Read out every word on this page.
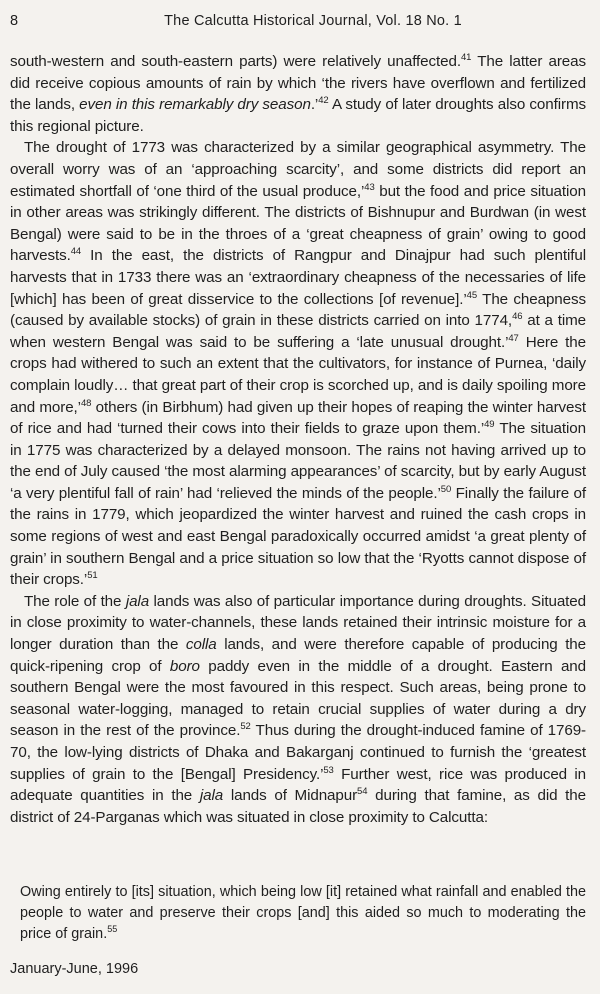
8	The Calcutta Historical Journal, Vol. 18 No. 1

south-western and south-eastern parts) were relatively unaffected.$^{41}$ The latter areas did receive copious amounts of rain by which ‘the rivers have overflown and fertilized the lands, even in this remarkably dry season.’$^{42}$ A study of later droughts also confirms this regional picture.

The drought of 1773 was characterized by a similar geographical asymmetry. The overall worry was of an ‘approaching scarcity’, and some districts did report an estimated shortfall of ‘one third of the usual produce,’$^{43}$ but the food and price situation in other areas was strikingly different. The districts of Bishnupur and Burdwan (in west Bengal) were said to be in the throes of a ‘great cheapness of grain’ owing to good harvests.$^{44}$ In the east, the districts of Rangpur and Dinajpur had such plentiful harvests that in 1733 there was an ‘extraordinary cheapness of the necessaries of life [which] has been of great disservice to the collections [of revenue].’$^{45}$ The cheapness (caused by available stocks) of grain in these districts carried on into 1774,46 at a time when western Bengal was said to be suffering a ‘late unusual drought.’$^{47}$ Here the crops had withered to such an extent that the cultivators, for instance of Purnea, ‘daily complain loudly… that great part of their crop is scorched up, and is daily spoiling more and more,’$^{48}$ others (in Birbhum) had given up their hopes of reaping the winter harvest of rice and had ‘turned their cows into their fields to graze upon them.’$^{49}$ The situation in 1775 was characterized by a delayed monsoon. The rains not having arrived up to the end of July caused ‘the most alarming appearances’ of scarcity, but by early August ‘a very plentiful fall of rain’ had ‘relieved the minds of the people.’$^{50}$ Finally the failure of the rains in 1779, which jeopardized the winter harvest and ruined the cash crops in some regions of west and east Bengal paradoxically occurred amidst ‘a great plenty of grain’ in southern Bengal and a price situation so low that the ‘Ryotts cannot dispose of their crops.’$^{51}$

The role of the jala lands was also of particular importance during droughts. Situated in close proximity to water-channels, these lands retained their intrinsic moisture for a longer duration than the colla lands, and were therefore capable of producing the quick-ripening crop of boro paddy even in the middle of a drought. Eastern and southern Bengal were the most favoured in this respect. Such areas, being prone to seasonal water-logging, managed to retain crucial supplies of water during a dry season in the rest of the province.$^{52}$ Thus during the drought-induced famine of 1769-70, the low-lying districts of Dhaka and Bakarganj continued to furnish the ‘greatest supplies of grain to the [Bengal] Presidency.’$^{53}$ Further west, rice was produced in adequate quantities in the jala lands of Midnapur$^{54}$ during that famine, as did the district of 24-Parganas which was situated in close proximity to Calcutta:

Owing entirely to [its] situation, which being low [it] retained what rainfall and enabled the people to water and preserve their crops [and] this aided so much to moderating the price of grain.$^{55}$
January-June, 1996
